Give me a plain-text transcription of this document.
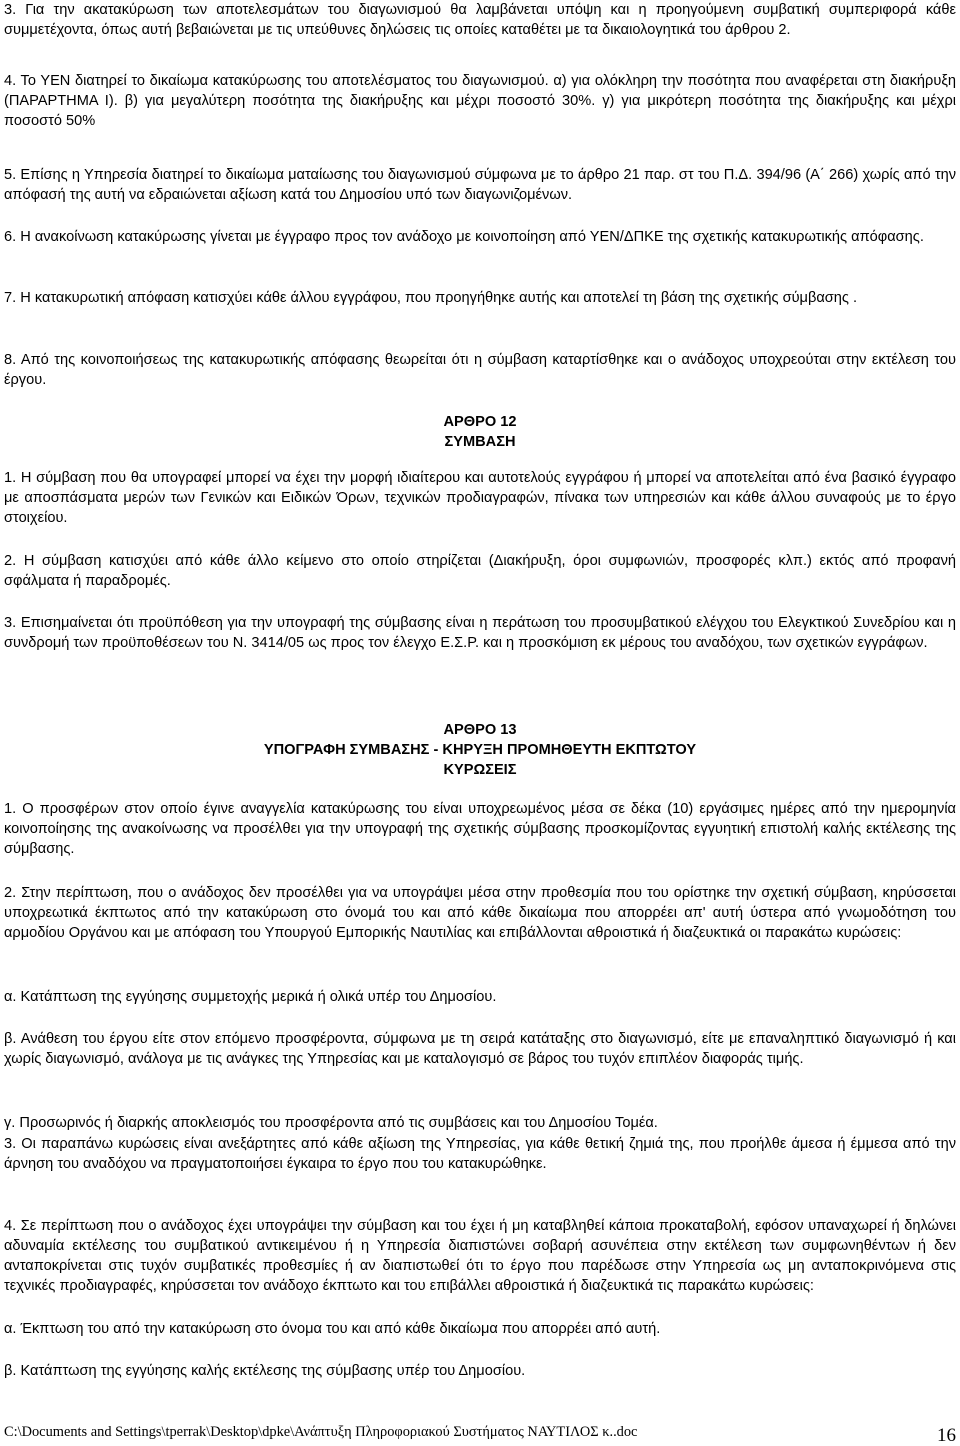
3. Για την ακατακύρωση των αποτελεσμάτων του διαγωνισμού θα λαμβάνεται υπόψη και η προηγούμενη συμβατική συμπεριφορά κάθε συμμετέχοντα, όπως αυτή βεβαιώνεται με τις υπεύθυνες δηλώσεις τις οποίες καταθέτει με τα δικαιολογητικά του άρθρου 2.

4. Το ΥΕΝ διατηρεί το δικαίωμα κατακύρωσης του αποτελέσματος του διαγωνισμού. α) για ολόκληρη την ποσότητα που αναφέρεται στη διακήρυξη (ΠΑΡΑΡΤΗΜΑ Ι). β) για μεγαλύτερη ποσότητα της διακήρυξης και μέχρι ποσοστό 30%. γ) για μικρότερη ποσότητα της διακήρυξης και μέχρι ποσοστό 50%

5. Επίσης η Υπηρεσία διατηρεί το δικαίωμα ματαίωσης του διαγωνισμού σύμφωνα με το άρθρο 21 παρ. στ του Π.Δ. 394/96 (Α΄ 266) χωρίς από την απόφασή της αυτή να εδραιώνεται αξίωση κατά του Δημοσίου υπό των διαγωνιζομένων.

6. Η ανακοίνωση κατακύρωσης γίνεται με έγγραφο προς τον ανάδοχο με κοινοποίηση από ΥΕΝ/ΔΠΚΕ της σχετικής κατακυρωτικής απόφασης.

7. Η κατακυρωτική απόφαση κατισχύει κάθε άλλου εγγράφου, που προηγήθηκε αυτής και αποτελεί τη βάση της σχετικής σύμβασης .

8. Από της κοινοποιήσεως της κατακυρωτικής απόφασης θεωρείται ότι η σύμβαση καταρτίσθηκε και ο ανάδοχος υποχρεούται στην εκτέλεση του έργου.

ΑΡΘΡΟ 12
ΣΥΜΒΑΣΗ

1. Η σύμβαση που θα υπογραφεί μπορεί να έχει την μορφή ιδιαίτερου και αυτοτελούς εγγράφου ή μπορεί να αποτελείται από ένα βασικό έγγραφο με αποσπάσματα μερών των Γενικών και Ειδικών Όρων, τεχνικών προδιαγραφών, πίνακα των υπηρεσιών και κάθε άλλου συναφούς με το έργο στοιχείου.

2. Η σύμβαση κατισχύει από κάθε άλλο κείμενο στο οποίο στηρίζεται (Διακήρυξη, όροι συμφωνιών, προσφορές κλπ.) εκτός από προφανή σφάλματα ή παραδρομές.

3. Επισημαίνεται ότι προϋπόθεση για την υπογραφή της σύμβασης είναι η περάτωση του προσυμβατικού ελέγχου του Ελεγκτικού Συνεδρίου και η συνδρομή των προϋποθέσεων του Ν. 3414/05 ως προς τον έλεγχο Ε.Σ.Ρ. και η προσκόμιση εκ μέρους του αναδόχου, των σχετικών εγγράφων.

ΑΡΘΡΟ 13
ΥΠΟΓΡΑΦΗ ΣΥΜΒΑΣΗΣ - ΚΗΡΥΞΗ ΠΡΟΜΗΘΕΥΤΗ ΕΚΠΤΩΤΟΥ
ΚΥΡΩΣΕΙΣ

1. Ο προσφέρων στον οποίο έγινε αναγγελία κατακύρωσης του είναι υποχρεωμένος μέσα σε δέκα (10) εργάσιμες ημέρες από την ημερομηνία κοινοποίησης της ανακοίνωσης να προσέλθει για την υπογραφή της σχετικής σύμβασης προσκομίζοντας εγγυητική επιστολή καλής εκτέλεσης της σύμβασης.

2. Στην περίπτωση, που ο ανάδοχος δεν προσέλθει για να υπογράψει μέσα στην προθεσμία που του ορίστηκε την σχετική σύμβαση, κηρύσσεται υποχρεωτικά έκπτωτος από την κατακύρωση στο όνομά του και από κάθε δικαίωμα που απορρέει απ' αυτή ύστερα από γνωμοδότηση του αρμοδίου Οργάνου και με απόφαση του Υπουργού Εμπορικής Ναυτιλίας και επιβάλλονται αθροιστικά ή διαζευκτικά οι παρακάτω κυρώσεις:

α. Κατάπτωση της εγγύησης συμμετοχής μερικά ή ολικά υπέρ του Δημοσίου.

β. Ανάθεση του έργου είτε στον επόμενο προσφέροντα, σύμφωνα με τη σειρά κατάταξης στο διαγωνισμό, είτε με επαναληπτικό διαγωνισμό ή και χωρίς διαγωνισμό, ανάλογα με τις ανάγκες της Υπηρεσίας και με καταλογισμό σε βάρος του τυχόν επιπλέον διαφοράς τιμής.

γ. Προσωρινός ή διαρκής αποκλεισμός του προσφέροντα από τις συμβάσεις και του Δημοσίου Τομέα.

3. Οι παραπάνω κυρώσεις είναι ανεξάρτητες από κάθε αξίωση της Υπηρεσίας, για κάθε θετική ζημιά της, που προήλθε άμεσα ή έμμεσα από την άρνηση του αναδόχου να πραγματοποιήσει έγκαιρα το έργο που του κατακυρώθηκε.

4. Σε περίπτωση που ο ανάδοχος έχει υπογράψει την σύμβαση και του έχει ή μη καταβληθεί κάποια προκαταβολή, εφόσον υπαναχωρεί ή δηλώνει αδυναμία εκτέλεσης του συμβατικού αντικειμένου ή η Υπηρεσία διαπιστώνει σοβαρή ασυνέπεια στην εκτέλεση των συμφωνηθέντων ή δεν ανταποκρίνεται στις τυχόν συμβατικές προθεσμίες ή αν διαπιστωθεί ότι το έργο που παρέδωσε στην Υπηρεσία ως μη ανταποκρινόμενα στις τεχνικές προδιαγραφές, κηρύσσεται τον ανάδοχο έκπτωτο και του επιβάλλει αθροιστικά ή διαζευκτικά τις παρακάτω κυρώσεις:

α. Έκπτωση του από την κατακύρωση στο όνομα του και από κάθε δικαίωμα που απορρέει από αυτή.

β. Κατάπτωση της εγγύησης καλής εκτέλεσης της σύμβασης υπέρ του Δημοσίου.

C:\Documents and Settings\tperrak\Desktop\dpke\Ανάπτυξη Πληροφοριακού Συστήματος ΝΑΥΤΙΛΟΣ κ..doc	16
